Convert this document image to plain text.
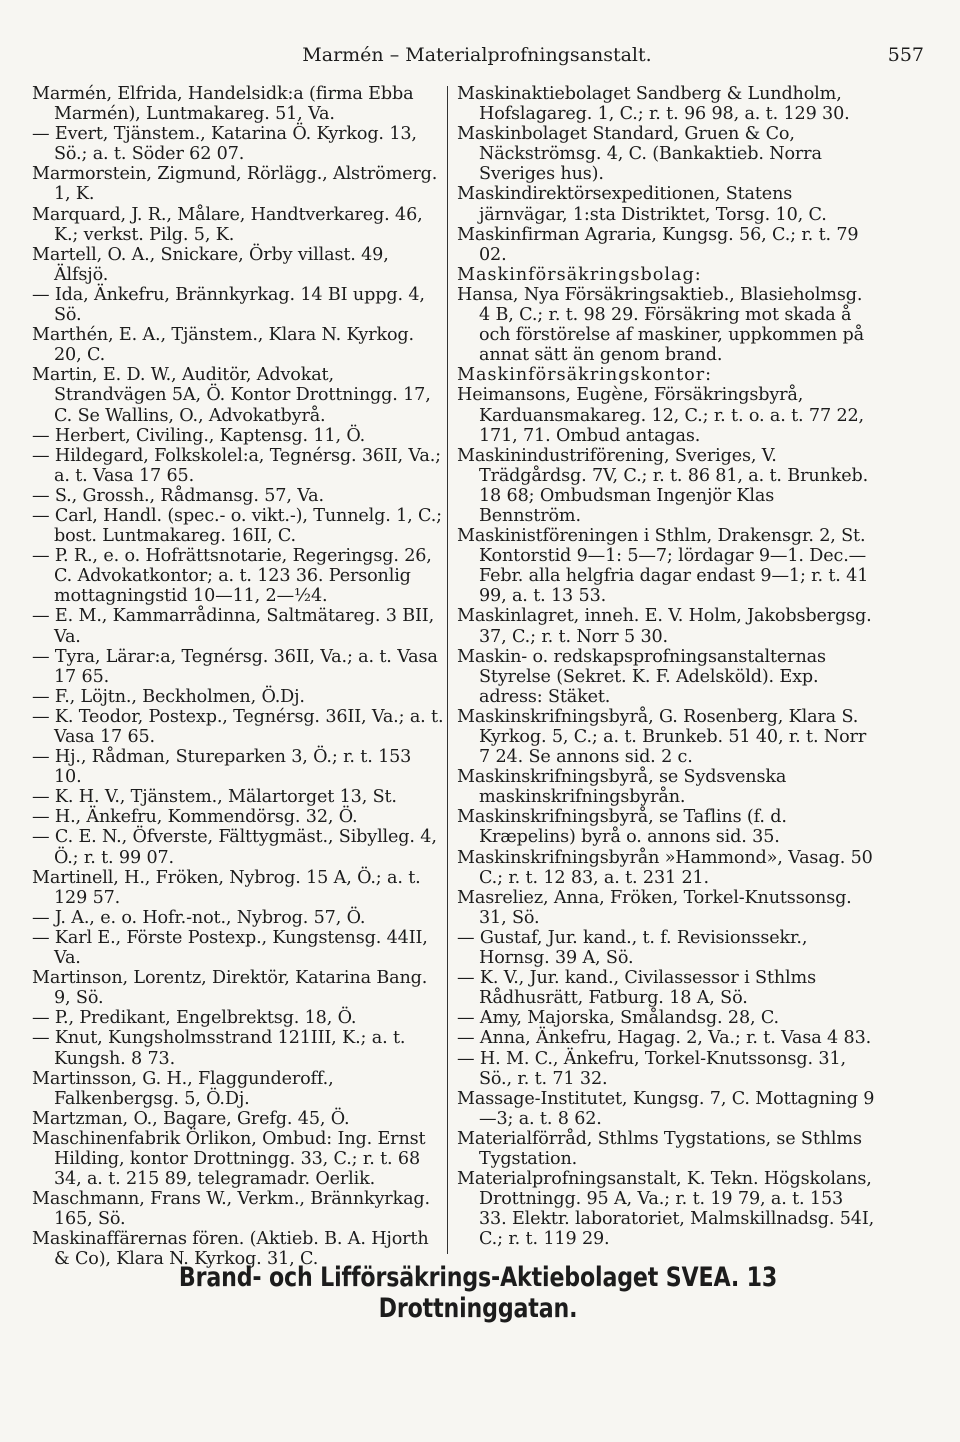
Marmén – Materialprofningsanstalt.	557
Marmén, Elfrida, Handelsidk:a (firma Ebba Marmén), Luntmakareg. 51, Va.
— Evert, Tjänstem., Katarina Ö. Kyrkog. 13, Sö.; a. t. Söder 62 07.
Marmorstein, Zigmund, Rörlägg., Alströmerg. 1, K.
Marquard, J. R., Målare, Handtverkareg. 46, K.; verkst. Pilg. 5, K.
Martell, O. A., Snickare, Örby villast. 49, Älfsjö.
— Ida, Änkefru, Brännkyrkag. 14 BI uppg. 4, Sö.
Marthén, E. A., Tjänstem., Klara N. Kyrkog. 20, C.
Martin, E. D. W., Auditör, Advokat, Strandvägen 5A, Ö. Kontor Drottningg. 17, C. Se Wallins, O., Advokatbyrå.
— Herbert, Civiling., Kaptensg. 11, Ö.
— Hildegard, Folkskolel:a, Tegnérsg. 36II, Va.; a. t. Vasa 17 65.
— S., Grossh., Rådmansg. 57, Va.
— Carl, Handl. (spec.- o. vikt.-), Tunnelg. 1, C.; bost. Luntmakareg. 16II, C.
— P. R., e. o. Hofrättsnotarie, Regeringsg. 26, C. Advokatkontor; a. t. 123 36. Personlig mottagningstid 10—11, 2—½4.
— E. M., Kammarrådinna, Saltmätareg. 3 BII, Va.
— Tyra, Lärar:a, Tegnérsg. 36II, Va.; a. t. Vasa 17 65.
— F., Löjtn., Beckholmen, Ö.Dj.
— K. Teodor, Postexp., Tegnérsg. 36II, Va.; a. t. Vasa 17 65.
— Hj., Rådman, Stureparken 3, Ö.; r. t. 153 10.
— K. H. V., Tjänstem., Mälartorget 13, St.
— H., Änkefru, Kommendörsg. 32, Ö.
— C. E. N., Öfverste, Fälttygmäst., Sibylleg. 4, Ö.; r. t. 99 07.
Martinell, H., Fröken, Nybrog. 15 A, Ö.; a. t. 129 57.
— J. A., e. o. Hofr.-not., Nybrog. 57, Ö.
— Karl E., Förste Postexp., Kungstensg. 44II, Va.
Martinson, Lorentz, Direktör, Katarina Bang. 9, Sö.
— P., Predikant, Engelbrektsg. 18, Ö.
— Knut, Kungsholmsstrand 121III, K.; a. t. Kungsh. 8 73.
Martinsson, G. H., Flaggunderoff., Falkenbergsg. 5, Ö.Dj.
Martzman, O., Bagare, Grefg. 45, Ö.
Maschinenfabrik Örlikon, Ombud: Ing. Ernst Hilding, kontor Drottningg. 33, C.; r. t. 68 34, a. t. 215 89, telegramadr. Oerlik.
Maschmann, Frans W., Verkm., Brännkyrkag. 165, Sö.
Maskinaffärernas fören. (Aktieb. B. A. Hjorth & Co), Klara N. Kyrkog. 31, C.
Maskinaktiebolaget Sandberg & Lundholm, Hofslagareg. 1, C.; r. t. 96 98, a. t. 129 30.
Maskinbolaget Standard, Gruen & Co, Näckströmsg. 4, C. (Bankaktieb. Norra Sveriges hus).
Maskindirektörsexpeditionen, Statens järnvägar, 1:sta Distriktet, Torsg. 10, C.
Maskinfirman Agraria, Kungsg. 56, C.; r. t. 79 02.
Maskinförsäkringsbolag:
Hansa, Nya Försäkringsaktieb., Blasieholmsg. 4 B, C.; r. t. 98 29. Försäkring mot skada å och förstörelse af maskiner, uppkommen på annat sätt än genom brand.
Maskinförsäkringskontor:
Heimansons, Eugène, Försäkringsbyrå, Karduansmakareg. 12, C.; r. t. o. a. t. 77 22, 171, 71. Ombud antagas.
Maskinindustriförening, Sveriges, V. Trädgårdsg. 7V, C.; r. t. 86 81, a. t. Brunkeb. 18 68; Ombudsman Ingenjör Klas Bennström.
Maskinistföreningen i Sthlm, Drakensgr. 2, St. Kontorstid 9—1: 5—7; lördagar 9—1. Dec.—Febr. alla helgfria dagar endast 9—1; r. t. 41 99, a. t. 13 53.
Maskinlagret, inneh. E. V. Holm, Jakobsbergsg. 37, C.; r. t. Norr 5 30.
Maskin- o. redskapsprofningsanstalternas Styrelse (Sekret. K. F. Adelsköld). Exp. adress: Stäket.
Maskinskrifningsbyrå, G. Rosenberg, Klara S. Kyrkog. 5, C.; a. t. Brunkeb. 51 40, r. t. Norr 7 24. Se annons sid. 2 c.
Maskinskrifningsbyrå, se Sydsvenska maskinskrifningsbyrån.
Maskinskrifningsbyrå, se Taflins (f. d. Kræpelins) byrå o. annons sid. 35.
Maskinskrifningsbyrån »Hammond», Vasag. 50 C.; r. t. 12 83, a. t. 231 21.
Masreliez, Anna, Fröken, Torkel-Knutssonsg. 31, Sö.
— Gustaf, Jur. kand., t. f. Revisionssekr., Hornsg. 39 A, Sö.
— K. V., Jur. kand., Civilassessor i Sthlms Rådhusrätt, Fatburg. 18 A, Sö.
— Amy, Majorska, Smålandsg. 28, C.
— Anna, Änkefru, Hagag. 2, Va.; r. t. Vasa 4 83.
— H. M. C., Änkefru, Torkel-Knutssonsg. 31, Sö., r. t. 71 32.
Massage-Institutet, Kungsg. 7, C. Mottagning 9—3; a. t. 8 62.
Materialförråd, Sthlms Tygstations, se Sthlms Tygstation.
Materialprofningsanstalt, K. Tekn. Högskolans, Drottningg. 95 A, Va.; r. t. 19 79, a. t. 153 33. Elektr. laboratoriet, Malmskillnadsg. 54I, C.; r. t. 119 29.
Brand- och Lifförsäkrings-Aktiebolaget SVEA. 13 Drottninggatan.
